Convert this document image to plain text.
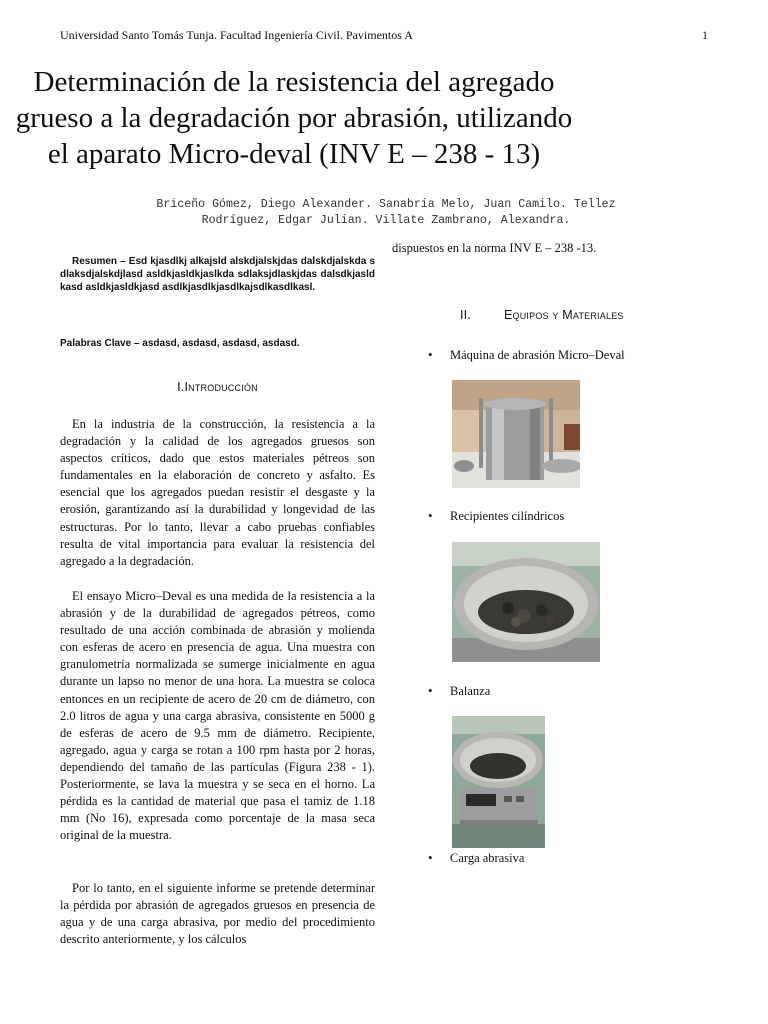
Universidad Santo Tomás Tunja. Facultad Ingeniería Civil. Pavimentos A	1
Determinación de la resistencia del agregado
grueso a la degradación por abrasión, utilizando
el aparato Micro-deval (INV E – 238 - 13)
Briceño Gómez, Diego Alexander. Sanabria Melo, Juan Camilo. Tellez
Rodríguez, Edgar Julian. Villate Zambrano, Alexandra.

Resumen – Esd kjasdlkj alkajsld alskdjalskjdas dalskdjalskda sdlaksdjalskdjlasd asldkjasldkjaslkda sdlaksjdlaskjdas dalsdkjasldkasd asldkjasldkjasd asdlkjasdlkjasdlkajsdlkasdlkasl.

Palabras Clave – asdasd, asdasd, asdasd, asdasd.
I.Introducción

En la industria de la construcción, la resistencia a la degradación y la calidad de los agregados gruesos son aspectos críticos, dado que estos materiales pétreos son fundamentales en la elaboración de concreto y asfalto. Es esencial que los agregados puedan resistir el desgaste y la erosión, garantizando así la durabilidad y longevidad de las estructuras. Por lo tanto, llevar a cabo pruebas confiables resulta de vital importancia para evaluar la resistencia del agregado a la degradación.

El ensayo Micro–Deval es una medida de la resistencia a la abrasión y de la durabilidad de agregados pétreos, como resultado de una acción combinada de abrasión y molienda con esferas de acero en presencia de agua. Una muestra con granulometría normalizada se sumerge inicialmente en agua durante un lapso no menor de una hora. La muestra se coloca entonces en un recipiente de acero de 20 cm de diámetro, con 2.0 litros de agua y una carga abrasiva, consistente en 5000 g de esferas de acero de 9.5 mm de diámetro. Recipiente, agregado, agua y carga se rotan a 100 rpm hasta por 2 horas, dependiendo del tamaño de las partículas (Figura 238 - 1). Posteriormente, se lava la muestra y se seca en el horno. La pérdida es la cantidad de material que pasa el tamiz de 1.18 mm (No 16), expresada como porcentaje de la masa seca original de la muestra.

Por lo tanto, en el siguiente informe se pretende determinar la pérdida por abrasión de agregados gruesos en presencia de agua y de una carga abrasiva, por medio del procedimiento descrito anteriormente, y los cálculos

dispuestos en la norma INV E – 238 -13.
II.	Equipos y Materiales
• Máquina de abrasión Micro–Deval
• Recipientes cilíndricos
• Balanza
• Carga abrasiva
